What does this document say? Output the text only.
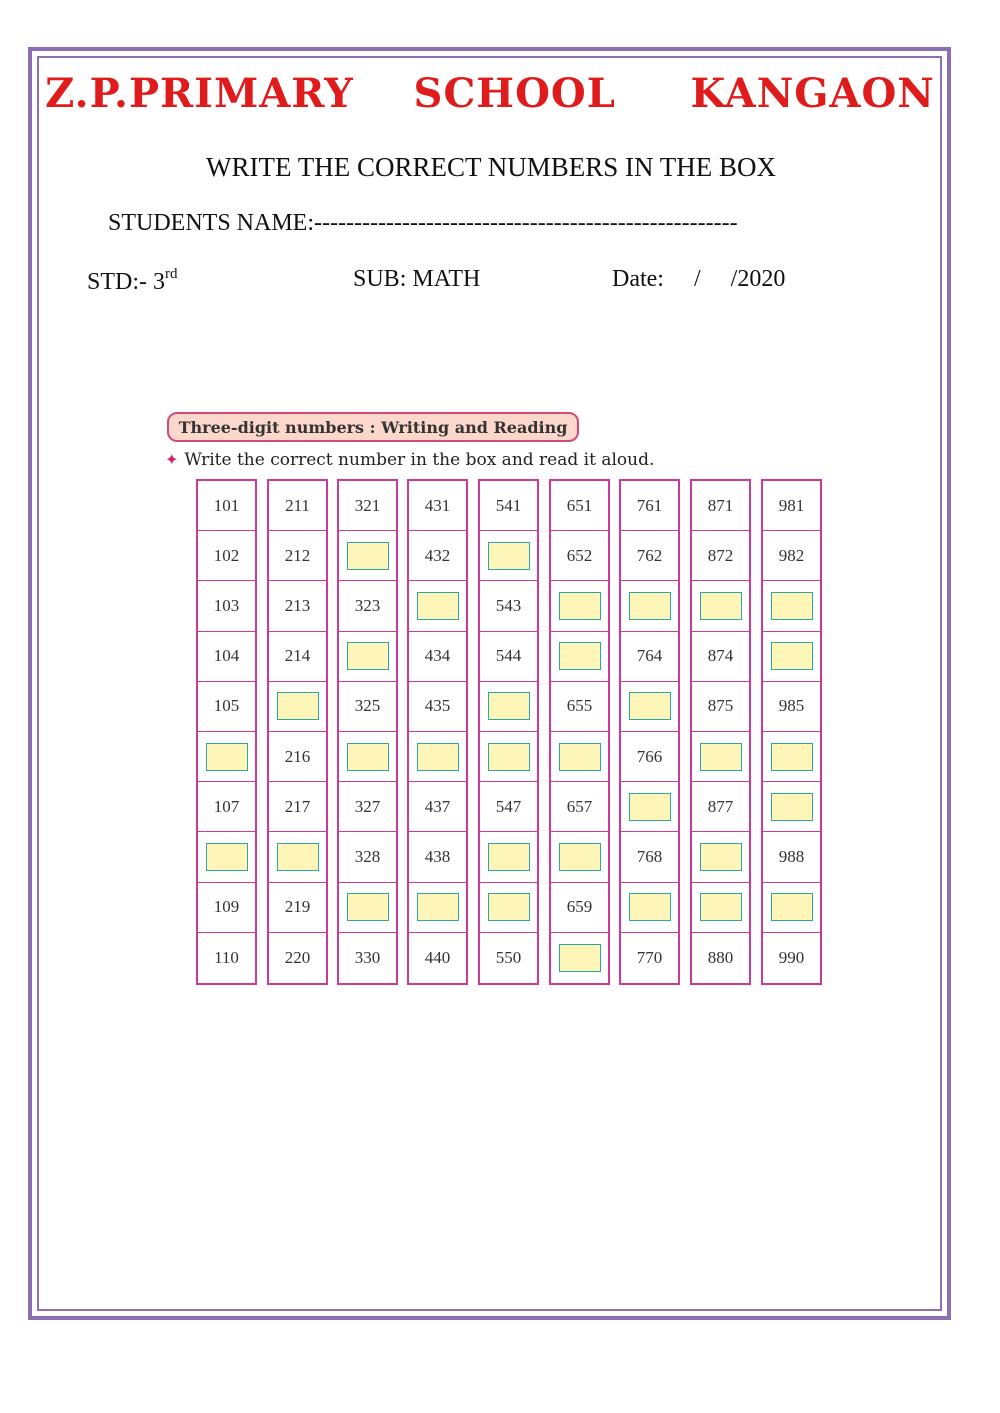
Z.P.PRIMARY    SCHOOL     KANGAON
WRITE THE CORRECT NUMBERS IN THE BOX
STUDENTS NAME:-----------------------------------------------------
STD:- 3rd	SUB: MATH	Date: / /2020
Three-digit numbers : Writing and Reading
✦ Write the correct number in the box and read it aloud.
101
102
103
104
105
107
109
110
211
212
213
214
216
217
219
220
321
323
325
327
328
330
431
432
434
435
437
438
440
541
543
544
547
550
651
652
655
657
659
761
762
764
766
768
770
871
872
874
875
877
880
981
982
985
988
990
